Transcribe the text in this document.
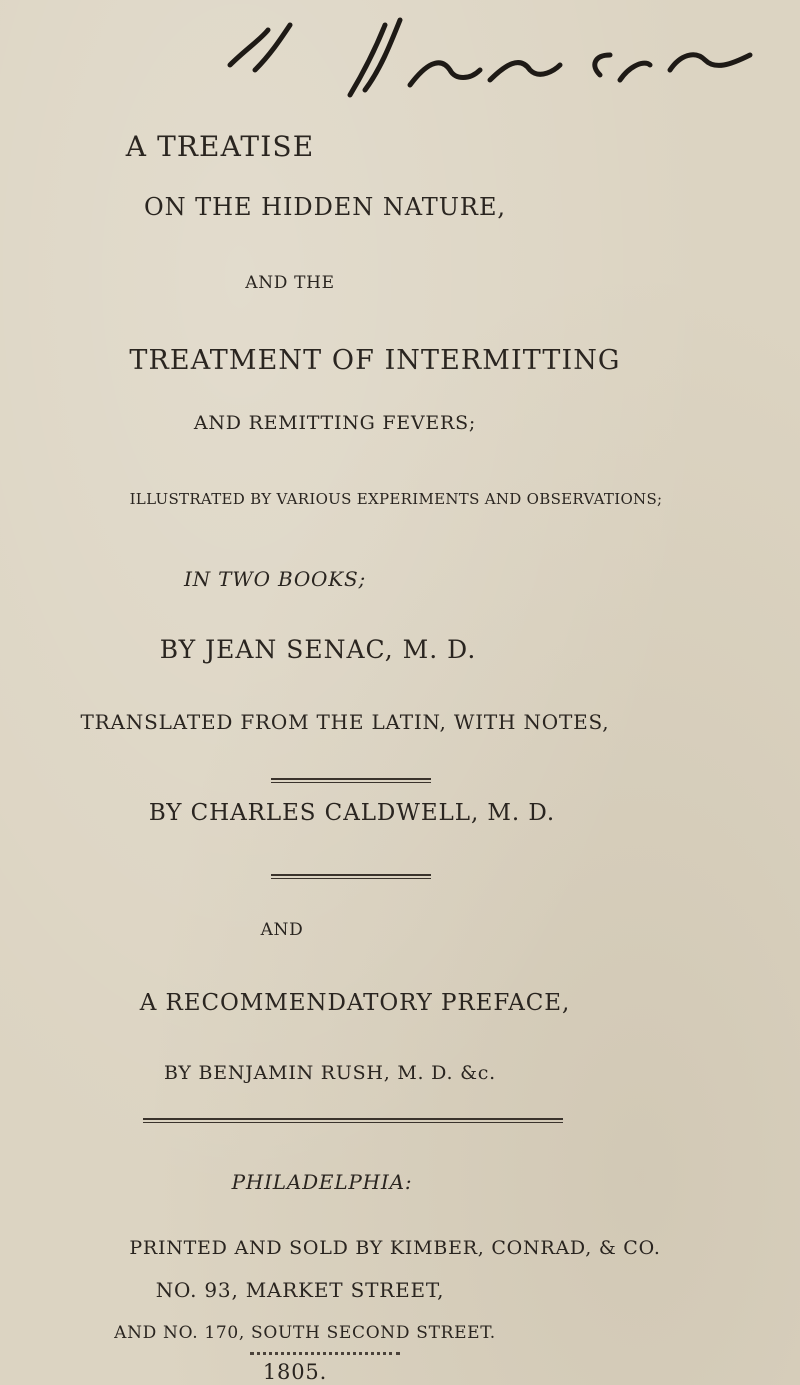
A TREATISE
ON THE HIDDEN NATURE,
AND THE
TREATMENT OF INTERMITTING
AND REMITTING FEVERS;
ILLUSTRATED BY VARIOUS EXPERIMENTS AND OBSERVATIONS;
IN TWO BOOKS;
BY JEAN SENAC, M. D.
TRANSLATED FROM THE LATIN, WITH NOTES,
BY CHARLES CALDWELL, M. D.
AND
A RECOMMENDATORY PREFACE,
BY BENJAMIN RUSH, M. D. &c.
PHILADELPHIA:
PRINTED AND SOLD BY KIMBER, CONRAD, & CO.
NO. 93, MARKET STREET,
AND NO. 170, SOUTH SECOND STREET.
1805.
